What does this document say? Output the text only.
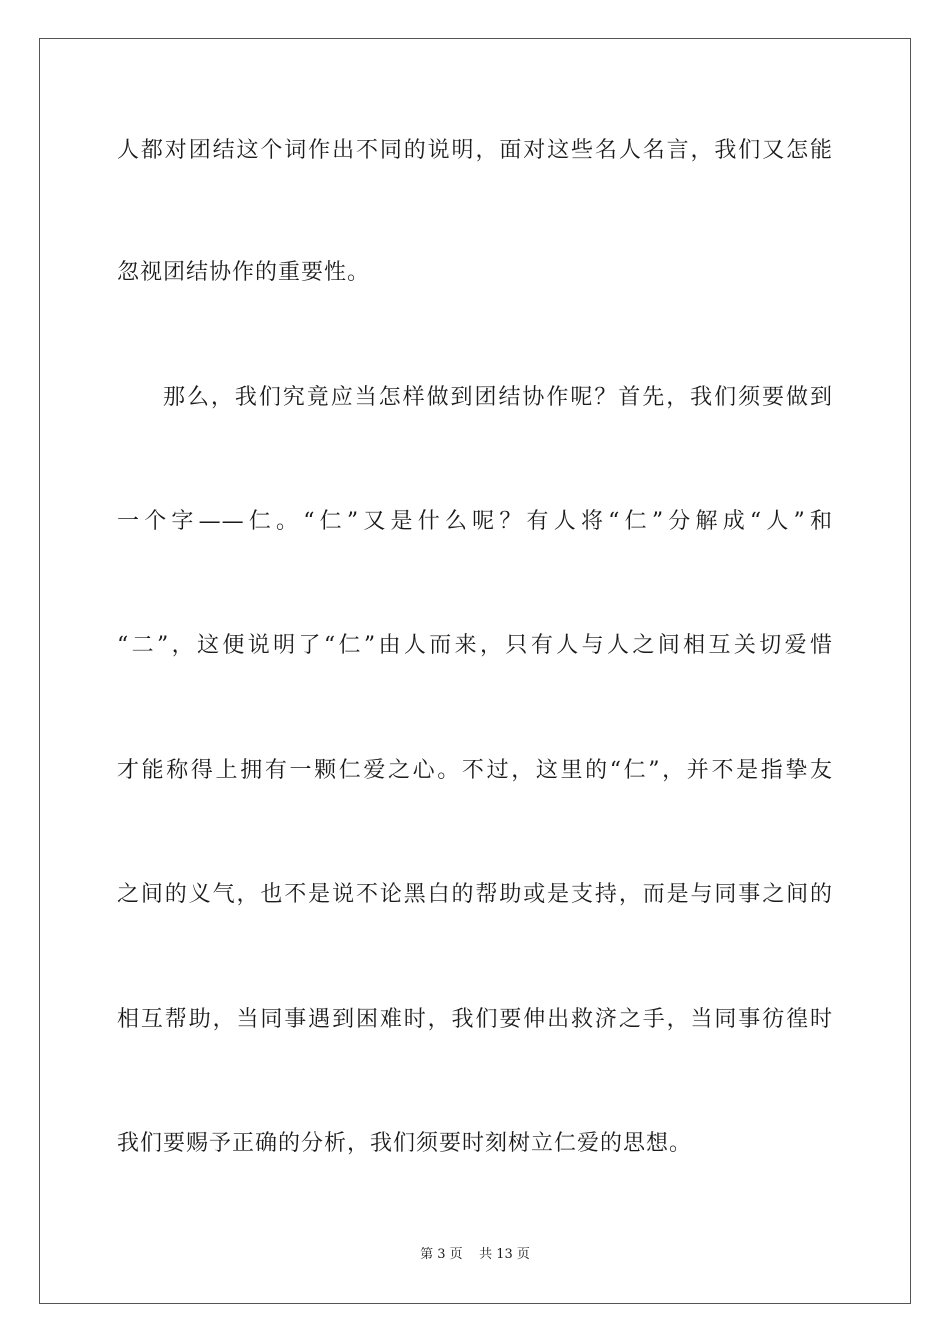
人都对团结这个词作出不同的说明，面对这些名人名言，我们又怎能
忽视团结协作的重要性。
那么，我们究竟应当怎样做到团结协作呢？首先，我们须要做到
一个字——仁。“仁”又是什么呢？有人将“仁”分解成“人”和
“二”，这便说明了“仁”由人而来，只有人与人之间相互关切爱惜
才能称得上拥有一颗仁爱之心。不过，这里的“仁”，并不是指挚友
之间的义气，也不是说不论黑白的帮助或是支持，而是与同事之间的
相互帮助，当同事遇到困难时，我们要伸出救济之手，当同事彷徨时
我们要赐予正确的分析，我们须要时刻树立仁爱的思想。
第 3 页    共 13 页
